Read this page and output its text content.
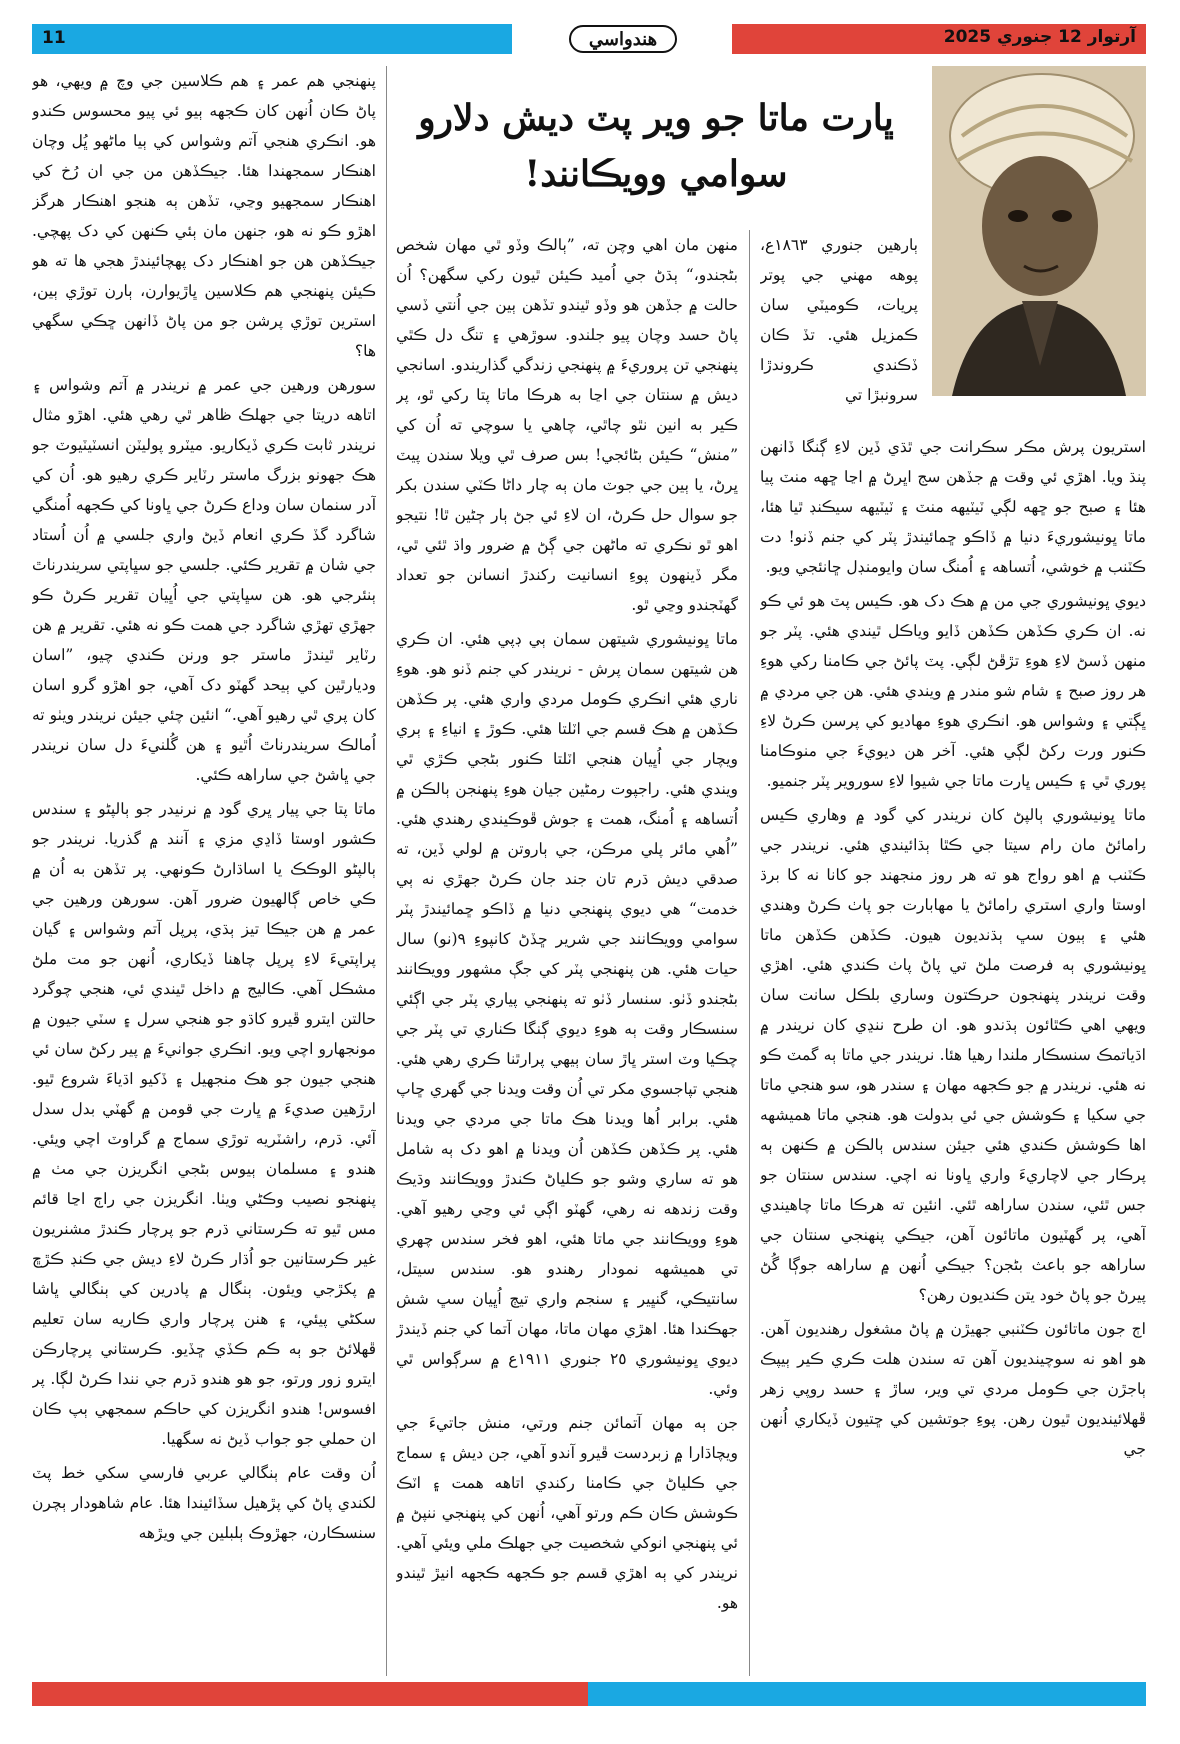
11	هندواسي	آرتوار 12 جنوري 2025
ڀارت ماتا جو وير پٽ ديش دلارو
سوامي وويڪانند!
ٻارهين جنوري ١٨٦٣ع، پوهه مهني جي پوتر پريات، ڪوميٽي سان ڪمزيل هئي. تڏ ڪان ڏڪندي ڪروندڙا سرونبڙا تي

استريون پرش مڪر سڪرانت جي ٿڌي ڏين لاءِ ڳنگا ڏانهن پنڌ ويا. اهڙي ئي وقت ۾ جڏهن سج اڀرڻ ۾ اڃا ڇهه منٽ پيا هئا ۽ صبح جو ڇهه لڳي ٽيٽيهه منٽ ۽ ٽيٽيهه سيڪنڊ ٿيا هئا، ماتا ڀونيشوريءَ دنيا ۾ ڏاڪو ڇمائيندڙ پٽر کي جنم ڏنو! دت ڪٽنب ۾ خوشي، اُتساهه ۽ اُمنگ سان وايومنڊل ڇانئجي ويو.

ديوي ڀونيشوري جي من ۾ هڪ دک هو. ڪيس پٽ هو ئي ڪو نه. ان ڪري ڪڏهن ڪڏهن ڏايو وياڪل ٿيندي هئي. پٽر جو منهن ڏسڻ لاءِ هوءِ تڙڦڻ لڳي. پٽ پائڻ جي ڪامنا رکي هوءِ هر روز صبح ۽ شام شو مندر ۾ ويندي هئي. هن جي مردي ۾ ڀڳتي ۽ وشواس هو. انڪري هوءِ مهاديو کي پرسن ڪرڻ لاءِ ڪنور ورت رکڻ لڳي هئي. آخر هن ديويءَ جي منوڪامنا پوري ٿي ۽ ڪيس ڀارت ماتا جي شيوا لاءِ سوروير پٽر جنميو.

ماتا ڀونيشوري ٻالپڻ کان نريندر کي گود ۾ وهاري ڪيس رامائڻ مان رام سيتا جي ڪٿا ٻڌائيندي هئي. نريندر جي ڪٽنب ۾ اهو رواج هو ته هر روز منجهند جو کانا نه کا برڌ اوستا واري استري رامائڻ يا مهابارت جو پاٺ ڪرڻ وهندي هئي ۽ ٻيون سڀ ٻڌنديون هيون. ڪڏهن ڪڏهن ماتا ڀونيشوري ٻه فرصت ملڻ تي پاڻ پاٺ ڪندي هئي. اهڙي وقت نريندر پنهنجون حرڪتون وساري بلڪل سانت سان ويهي اهي ڪٿائون ٻڌندو هو. ان طرح ننڍي کان نريندر ۾ اڌياتمڪ سنسڪار ملندا رهيا هئا. نريندر جي ماتا ٻه گمٽ ڪو نه هئي. نريندر ۾ جو ڪجهه مهان ۽ سندر هو، سو هنجي ماتا جي سکيا ۽ ڪوشش جي ئي بدولت هو. هنجي ماتا هميشهه اها ڪوشش ڪندي هئي جيئن سندس ٻالڪن ۾ ڪنهن ٻه پرڪار جي لاچاريءَ واري ڀاونا نه اچي. سندس سنتان جو جس ٿئي، سندن ساراهه ٿئي. انئين ته هرڪا ماتا چاهيندي آهي، پر گهٽيون ماتائون آهن، جيڪي پنهنجي سنتان جي ساراهه جو باعث بڻجن؟ جيڪي اُنهن ۾ ساراهه جوڳا گُڻ پيرڻ جو پاڻ خود يتن ڪنديون رهن؟

اڄ جون ماتائون ڪٽنبي جهيڙن ۾ پاڻ مشغول رهنديون آهن. هو اهو نه سوچينديون آهن ته سندن هلت ڪري ڪير ٻيپڪ ٻاجڙن جي ڪومل مردي تي وير، ساڙ ۽ حسد روپي زهر ڦهلائينديون ٿيون رهن. پوءِ جوتشين کي ڇتيون ڏيکاري اُنهن جي

منهن مان اهي وچن ته، ”ٻالڪ وڏو ٿي مهان شخص بڻجندو،“ ٻڌڻ جي اُميد ڪيئن ٿيون رکي سگهن؟ اُن حالت ۾ جڏهن هو وڏو ٿيندو تڏهن ٻين جي اُنتي ڏسي پاڻ حسد وچان پيو جلندو. سوڙهي ۽ تنگ دل ڪٿي پنهنجي تن پروريءَ ۾ پنهنجي زندگي گذاريندو. اسانجي ديش ۾ سنتان جي اڃا به هرڪا ماتا پتا رکي ٿو، پر ڪير به انين نٿو چاٿي، چاهي يا سوچي ته اُن کي ”منش“ ڪيئن بڻائجي! بس صرف ٿي ويلا سندن پيٽ ڀرڻ، يا ٻين جي جوٽ مان ٻه چار داڻا ڪٽي سندن بکر جو سوال حل ڪرڻ، ان لاءِ ئي جڻ ٻار ڄڻين ٿا! نتيجو اهو ٿو نڪري ته ماڻهن جي ڳڻ ۾ ضرور واڌ ٿئي ٿي، مگر ڏينهون پوءِ انسانيت رکندڙ انسانن جو تعداد گهٽجندو وڃي ٿو.

ماتا ڀونيشوري شيتهن سمان ٻي ڊپي هئي. ان ڪري هن شيتهن سمان پرش - نريندر کي جنم ڏنو هو. هوءِ ناري هئي انڪري ڪومل مردي واري هئي. پر ڪڏهن ڪڏهن ۾ هڪ قسم جي اٽلتا هئي. ڪوڙ ۽ انياءِ ۽ ٻري ويچار جي اُڀيان هنجي اٽلتا ڪنور بڻجي ڪڙي ٿي ويندي هئي. راجپوت رمڻين جيان هوءِ پنهنجن ٻالڪن ۾ اُتساهه ۽ اُمنگ، همت ۽ جوش ڦوڪيندي رهندي هئي. ”اُهي مائر پلي مرڪن، جي ٻاروتن ۾ لولي ڏين، ته صدقي ديش ڌرم تان جند جان ڪرڻ جهڙي نه ٻي خدمت“ هي ديوي پنهنجي دنيا ۾ ڏاڪو ڇمائيندڙ پٽر سوامي وويڪانند جي شرير ڇڏڻ کانپوءِ ٩(نو) سال حيات هئي. هن پنهنجي پٽر کي جڳ مشهور وويڪانند بڻجندو ڏٺو. سنسار ڏٺو ته پنهنجي پياري پٽر جي اڳئي سنسڪار وقت ٻه هوءِ ديوي ڳنگا ڪناري تي پٽر جي چڪيا وٽ استر ڀاڙ سان ٻيهي پرارٿنا ڪري رهي هئي. هنجي تپاجسوي مکر تي اُن وقت ويدنا جي گهري ڇاپ هئي. برابر اُها ويدنا هڪ ماتا جي مردي جي ويدنا هئي. پر ڪڏهن ڪڏهن اُن ويدنا ۾ اهو دک ٻه شامل هو ته ساري وشو جو ڪلياڻ ڪندڙ وويڪانند وڌيڪ وقت زندهه نه رهي، گهٽو اڳي ئي وڃي رهيو آهي. هوءِ وويڪانند جي ماتا هئي، اهو فخر سندس چهري تي هميشهه نمودار رهندو هو. سندس سيتل، سانتيڪي، گنڀير ۽ سنجم واري تيڄ اُڀيان سڀ شش جهڪندا هئا. اهڙي مهان ماتا، مهان آتما کي جنم ڏيندڙ ديوي ڀونيشوري ٢٥ جنوري ١٩١١ع ۾ سرڳواس ٿي وئي.

جن ٻه مهان آتمائن جنم ورتي، منش جاتيءَ جي ويچاڌارا ۾ زبردست ڦيرو آندو آهي، جن ديش ۽ سماج جي ڪلياڻ جي ڪامنا رکندي اتاهه همت ۽ اٽڪ ڪوشش ڪان ڪم ورتو آهي، اُنهن کي پنهنجي ننپڻ ۾ ئي پنهنجي انوکي شخصيت جي جهلڪ ملي ويئي آهي. نريندر کي ٻه اهڙي قسم جو ڪجهه ڪجهه انيڙ ٿيندو هو.

پنهنجي هم عمر ۽ هم ڪلاسين جي وچ ۾ ويهي، هو پاڻ ڪان اُنهن کان ڪجهه ٻيو ئي پيو محسوس ڪندو هو. انڪري هنجي آتم وشواس کي ٻيا ماڻهو ڀُل وچان اهنڪار سمجهندا هئا. جيڪڏهن من جي ان رُخ کي اهنڪار سمجهيو وڃي، تڏهن ٻه هنجو اهنڪار هرگز اهڙو ڪو نه هو، جنهن مان ٻئي ڪنهن کي دک پهچي. جيڪڏهن هن جو اهنڪار دک پهچائيندڙ هجي ها ته هو ڪيئن پنهنجي هم ڪلاسين ڀاڙيوارن، ٻارن توڙي ٻين، استرين توڙي پرشن جو من پاڻ ڏانهن ڇڪي سگهي ها؟

سورهن ورهين جي عمر ۾ نريندر ۾ آتم وشواس ۽ اتاهه دريتا جي جهلڪ ظاهر ٿي رهي هئي. اهڙو مثال نريندر ثابت ڪري ڏيکاريو. ميٽرو پوليٽن انسٽيٽيوٽ جو هڪ جهونو بزرگ ماستر رٽاير ڪري رهيو هو. اُن کي آدر سنمان سان وداع ڪرڻ جي ڀاونا کي ڪجهه اُمنگي شاگرد گڏ ڪري انعام ڏيڻ واري جلسي ۾ اُن اُستاد جي شان ۾ تقرير ڪئي. جلسي جو سڀاپتي سريندرناٿ ٻنئرجي هو. هن سڀاپتي جي اُڀيان تقرير ڪرڻ ڪو جهڙي تهڙي شاگرد جي همت ڪو نه هئي. تقرير ۾ هن رٽاير ٿيندڙ ماستر جو ورنن ڪندي چيو، ”اسان وديارٿين کي ٻيحد گهٽو دک آهي، جو اهڙو گرو اسان کان پري ٿي رهيو آهي.“ انئين چئي جيئن نريندر ويٺو ته اُمالڪ سريندرناٿ اُٿيو ۽ هن گُلنيءَ دل سان نريندر جي ڀاشڻ جي ساراهه ڪئي.

ماتا پتا جي پيار ڀري گود ۾ نرنيدر جو ٻالپڻو ۽ سندس ڪشور اوستا ڏاڍي مزي ۽ آنند ۾ گذريا. نريندر جو ٻالپڻو الوڪڪ يا اساڌارڻ ڪونهي. پر تڏهن به اُن ۾ ڪي خاص ڳالهيون ضرور آهن. سورهن ورهين جي عمر ۾ هن جيڪا تيز ٻڌي، پرپل آتم وشواس ۽ گيان پراپتيءَ لاءِ پرپل چاهنا ڏيکاري، اُنهن جو مت ملڻ مشڪل آهي. ڪاليج ۾ داخل ٿيندي ئي، هنجي چوگرد حالتن ايترو ڦيرو کاڌو جو هنجي سرل ۽ سٽي جيون ۾ مونجهارو اچي ويو. انڪري جوانيءَ ۾ پير رکڻ سان ئي هنجي جيون جو هڪ منجهيل ۽ ڏکيو اڌياءَ شروع ٿيو. ارڙهين صديءَ ۾ ڀارت جي قومن ۾ گهٽي بدل سدل آئي. ڌرم، راشٽريه توڙي سماج ۾ گراوٽ اچي ويئي. هندو ۽ مسلمان ٻيوس بڻجي انگريزن جي مٺ ۾ پنهنجو نصيب وڪڻي ويٺا. انگريزن جي راڄ اڃا قائم مس ٿيو ته ڪرستاني ڌرم جو پرچار ڪندڙ مشنريون غير ڪرستانين جو اُڌار ڪرڻ لاءِ ديش جي ڪنڊ ڪڙڇ ۾ پکڙجي ويئون. ٻنگال ۾ پادرين کي ٻنگالي ڀاشا سکڻي پيئي، ۽ هنن پرچار واري ڪاريه سان تعليم ڦهلائڻ جو ٻه ڪم ڪڏي ڇڏيو. ڪرستاني پرچارڪن ايترو زور ورتو، جو هو هندو ڌرم جي نندا ڪرڻ لڳا. پر افسوس! هندو انگريزن کي حاڪم سمجهي ٻپ ڪان ان حملي جو جواب ڏيڻ نه سگهيا.

اُن وقت عام ٻنگالي عربي فارسي سکي خط پٽ لکندي پاڻ کي پڙهيل سڏائيندا هئا. عام شاهودار ٻچرن سنسڪارن، جهڙوڪ ٻلبلين جي ويڙهه
